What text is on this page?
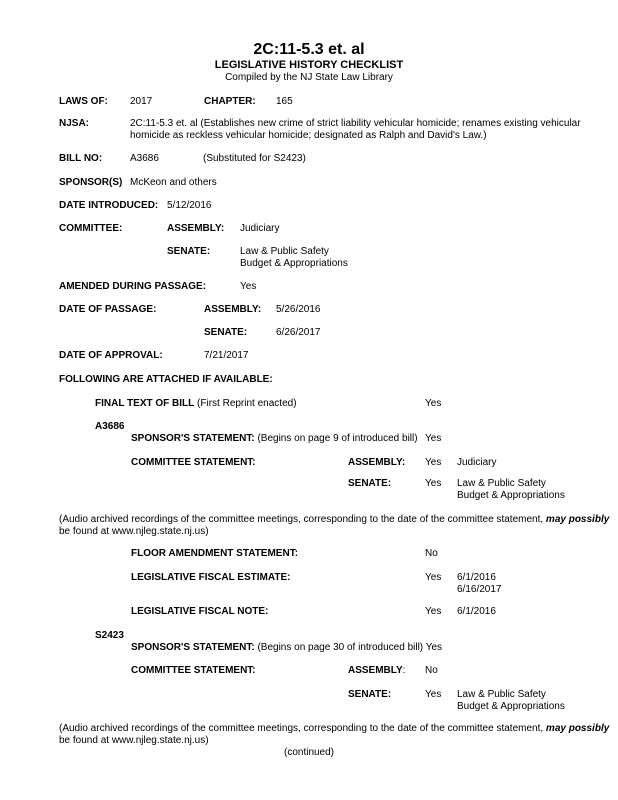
2C:11-5.3 et. al
LEGISLATIVE HISTORY CHECKLIST
Compiled by the NJ State Law Library
LAWS OF: 2017	CHAPTER: 165
NJSA:	2C:11-5.3 et. al (Establishes new crime of strict liability vehicular homicide; renames existing vehicular
homicide as reckless vehicular homicide; designated as Ralph and David's Law.)
BILL NO:	A3686	(Substituted for S2423)
SPONSOR(S) McKeon and others
DATE INTRODUCED: 5/12/2016
COMMITTEE:	ASSEMBLY: Judiciary
SENATE:	Law & Public Safety
Budget & Appropriations
AMENDED DURING PASSAGE:	Yes
DATE OF PASSAGE:	ASSEMBLY: 5/26/2016
SENATE:	6/26/2017
DATE OF APPROVAL:	7/21/2017
FOLLOWING ARE ATTACHED IF AVAILABLE:
FINAL TEXT OF BILL (First Reprint enacted)	Yes
A3686
SPONSOR'S STATEMENT: (Begins on page 9 of introduced bill) Yes
COMMITTEE STATEMENT:	ASSEMBLY: Yes Judiciary
SENATE:	Yes Law & Public Safety
Budget & Appropriations
(Audio archived recordings of the committee meetings, corresponding to the date of the committee statement, may possibly
be found at www.njleg.state.nj.us)
FLOOR AMENDMENT STATEMENT:	No
LEGISLATIVE FISCAL ESTIMATE:	Yes 6/1/2016
6/16/2017
LEGISLATIVE FISCAL NOTE:	Yes 6/1/2016
S2423
SPONSOR'S STATEMENT: (Begins on page 30 of introduced bill) Yes
COMMITTEE STATEMENT:	ASSEMBLY: No
SENATE:	Yes Law & Public Safety
Budget & Appropriations
(Audio archived recordings of the committee meetings, corresponding to the date of the committee statement, may possibly
be found at www.njleg.state.nj.us)
(continued)
